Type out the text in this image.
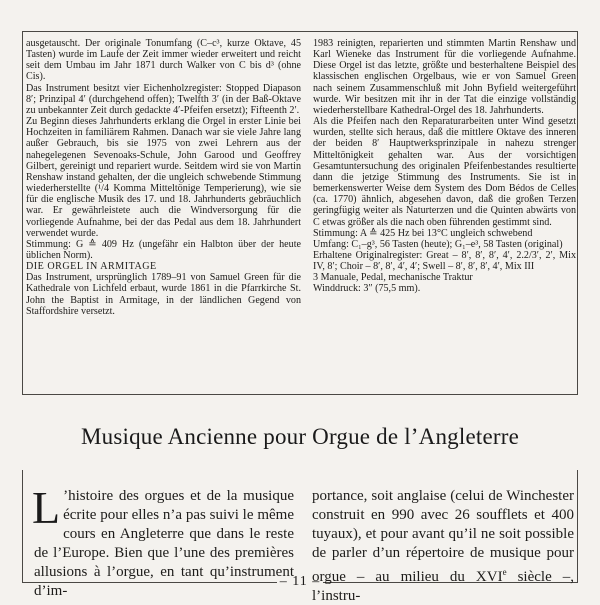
ausgetauscht. Der originale Tonumfang (C–c³, kurze Oktave, 45 Tasten) wurde im Laufe der Zeit immer wieder erweitert und reicht seit dem Umbau im Jahr 1871 durch Walker von C bis d³ (ohne Cis).

Das Instrument besitzt vier Eichenholzregister: Stopped Diapason 8′; Prinzipal 4′ (durchgehend offen); Twelfth 3′ (in der Baß-Oktave zu unbekannter Zeit durch gedackte 4′-Pfeifen ersetzt); Fifteenth 2′.

Zu Beginn dieses Jahrhunderts erklang die Orgel in erster Linie bei Hochzeiten in familiärem Rahmen. Danach war sie viele Jahre lang außer Gebrauch, bis sie 1975 von zwei Lehrern aus der nahegelegenen Sevenoaks-Schule, John Garood und Geoffrey Gilbert, gereinigt und repariert wurde. Seitdem wird sie von Martin Renshaw instand gehalten, der die ungleich schwebende Stimmung wiederherstellte (¹/4 Komma Mitteltönige Temperierung), wie sie für die englische Musik des 17. und 18. Jahrhunderts gebräuchlich war. Er gewährleistete auch die Windversorgung für die vorliegende Aufnahme, bei der das Pedal aus dem 18. Jahrhundert verwendet wurde.

Stimmung: G ≙ 409 Hz (ungefähr ein Halbton über der heute üblichen Norm).

DIE ORGEL IN ARMITAGE

Das Instrument, ursprünglich 1789–91 von Samuel Green für die Kathedrale von Lichfeld erbaut, wurde 1861 in die Pfarrkirche St. John the Baptist in Armitage, in der ländlichen Gegend von Staffordshire versetzt.

1983 reinigten, reparierten und stimmten Martin Renshaw und Karl Wieneke das Instrument für die vorliegende Aufnahme. Diese Orgel ist das letzte, größte und besterhaltene Beispiel des klassischen englischen Orgelbaus, wie er von Samuel Green nach seinem Zusammenschluß mit John Byfield weitergeführt wurde. Wir besitzen mit ihr in der Tat die einzige vollständig wiederherstellbare Kathedral-Orgel des 18. Jahrhunderts.

Als die Pfeifen nach den Reparaturarbeiten unter Wind gesetzt wurden, stellte sich heraus, daß die mittlere Oktave des inneren der beiden 8′ Hauptwerksprinzipale in nahezu strenger Mitteltönigkeit gehalten war. Aus der vorsichtigen Gesamtuntersuchung des originalen Pfeifenbestandes resultierte dann die jetzige Stimmung des Instruments. Sie ist in bemerkenswerter Weise dem System des Dom Bédos de Celles (ca. 1770) ähnlich, abgesehen davon, daß die großen Terzen geringfügig weiter als Naturterzen und die Quinten abwärts von C etwas größer als die nach oben führenden gestimmt sind.

Stimmung: A ≙ 425 Hz bei 13°C ungleich schwebend

Umfang: C₁–g³, 56 Tasten (heute); G₁–e³, 58 Tasten (original)

Erhaltene Originalregister: Great – 8′, 8′, 8′, 4′, 2.2/3′, 2′, Mix IV, 8′; Choir – 8′, 8′, 4′, 4′; Swell – 8′, 8′, 8′, 4′, Mix III

3 Manuale, Pedal, mechanische Traktur

Winddruck: 3″ (75,5 mm).

Musique Ancienne pour Orgue de l’Angleterre

L ’histoire des orgues et de la musique écrite pour elles n’a pas suivi le même cours en Angleterre que dans le reste de l’Europe. Bien que l’une des premières allusions à l’orgue, en tant qu’instrument d’im-

portance, soit anglaise (celui de Winchester construit en 990 avec 26 soufflets et 400 tuyaux), et pour avant qu’il ne soit possible de parler d’un répertoire de musique pour orgue – au milieu du XVIe siècle –, l’instru-

– 11 –
